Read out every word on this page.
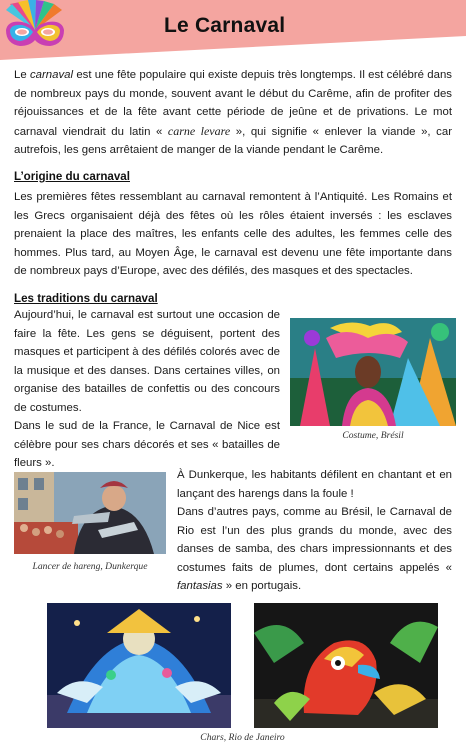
Le Carnaval
Le carnaval est une fête populaire qui existe depuis très longtemps. Il est célébré dans de nombreux pays du monde, souvent avant le début du Carême, afin de profiter des réjouissances et de la fête avant cette période de jeûne et de privations. Le mot carnaval viendrait du latin « carne levare », qui signifie « enlever la viande », car autrefois, les gens arrêtaient de manger de la viande pendant le Carême.
L’origine du carnaval
Les premières fêtes ressemblant au carnaval remontent à l’Antiquité. Les Romains et les Grecs organisaient déjà des fêtes où les rôles étaient inversés : les esclaves prenaient la place des maîtres, les enfants celle des adultes, les femmes celle des hommes. Plus tard, au Moyen Âge, le carnaval est devenu une fête importante dans de nombreux pays d’Europe, avec des défilés, des masques et des spectacles.
Les traditions du carnaval
Aujourd’hui, le carnaval est surtout une occasion de faire la fête. Les gens se déguisent, portent des masques et participent à des défilés colorés avec de la musique et des danses. Dans certaines villes, on organise des batailles de confettis ou des concours de costumes.
Dans le sud de la France, le Carnaval de Nice est célèbre pour ses chars décorés et ses « batailles de fleurs ».
Costume, Brésil
Lancer de hareng, Dunkerque
À Dunkerque, les habitants défilent en chantant et en lançant des harengs dans la foule !
Dans d’autres pays, comme au Brésil, le Carnaval de Rio est l’un des plus grands du monde, avec des danses de samba, des chars impressionnants et des costumes faits de plumes, dont certains appelés « fantasias » en portugais.
Chars, Rio de Janeiro
